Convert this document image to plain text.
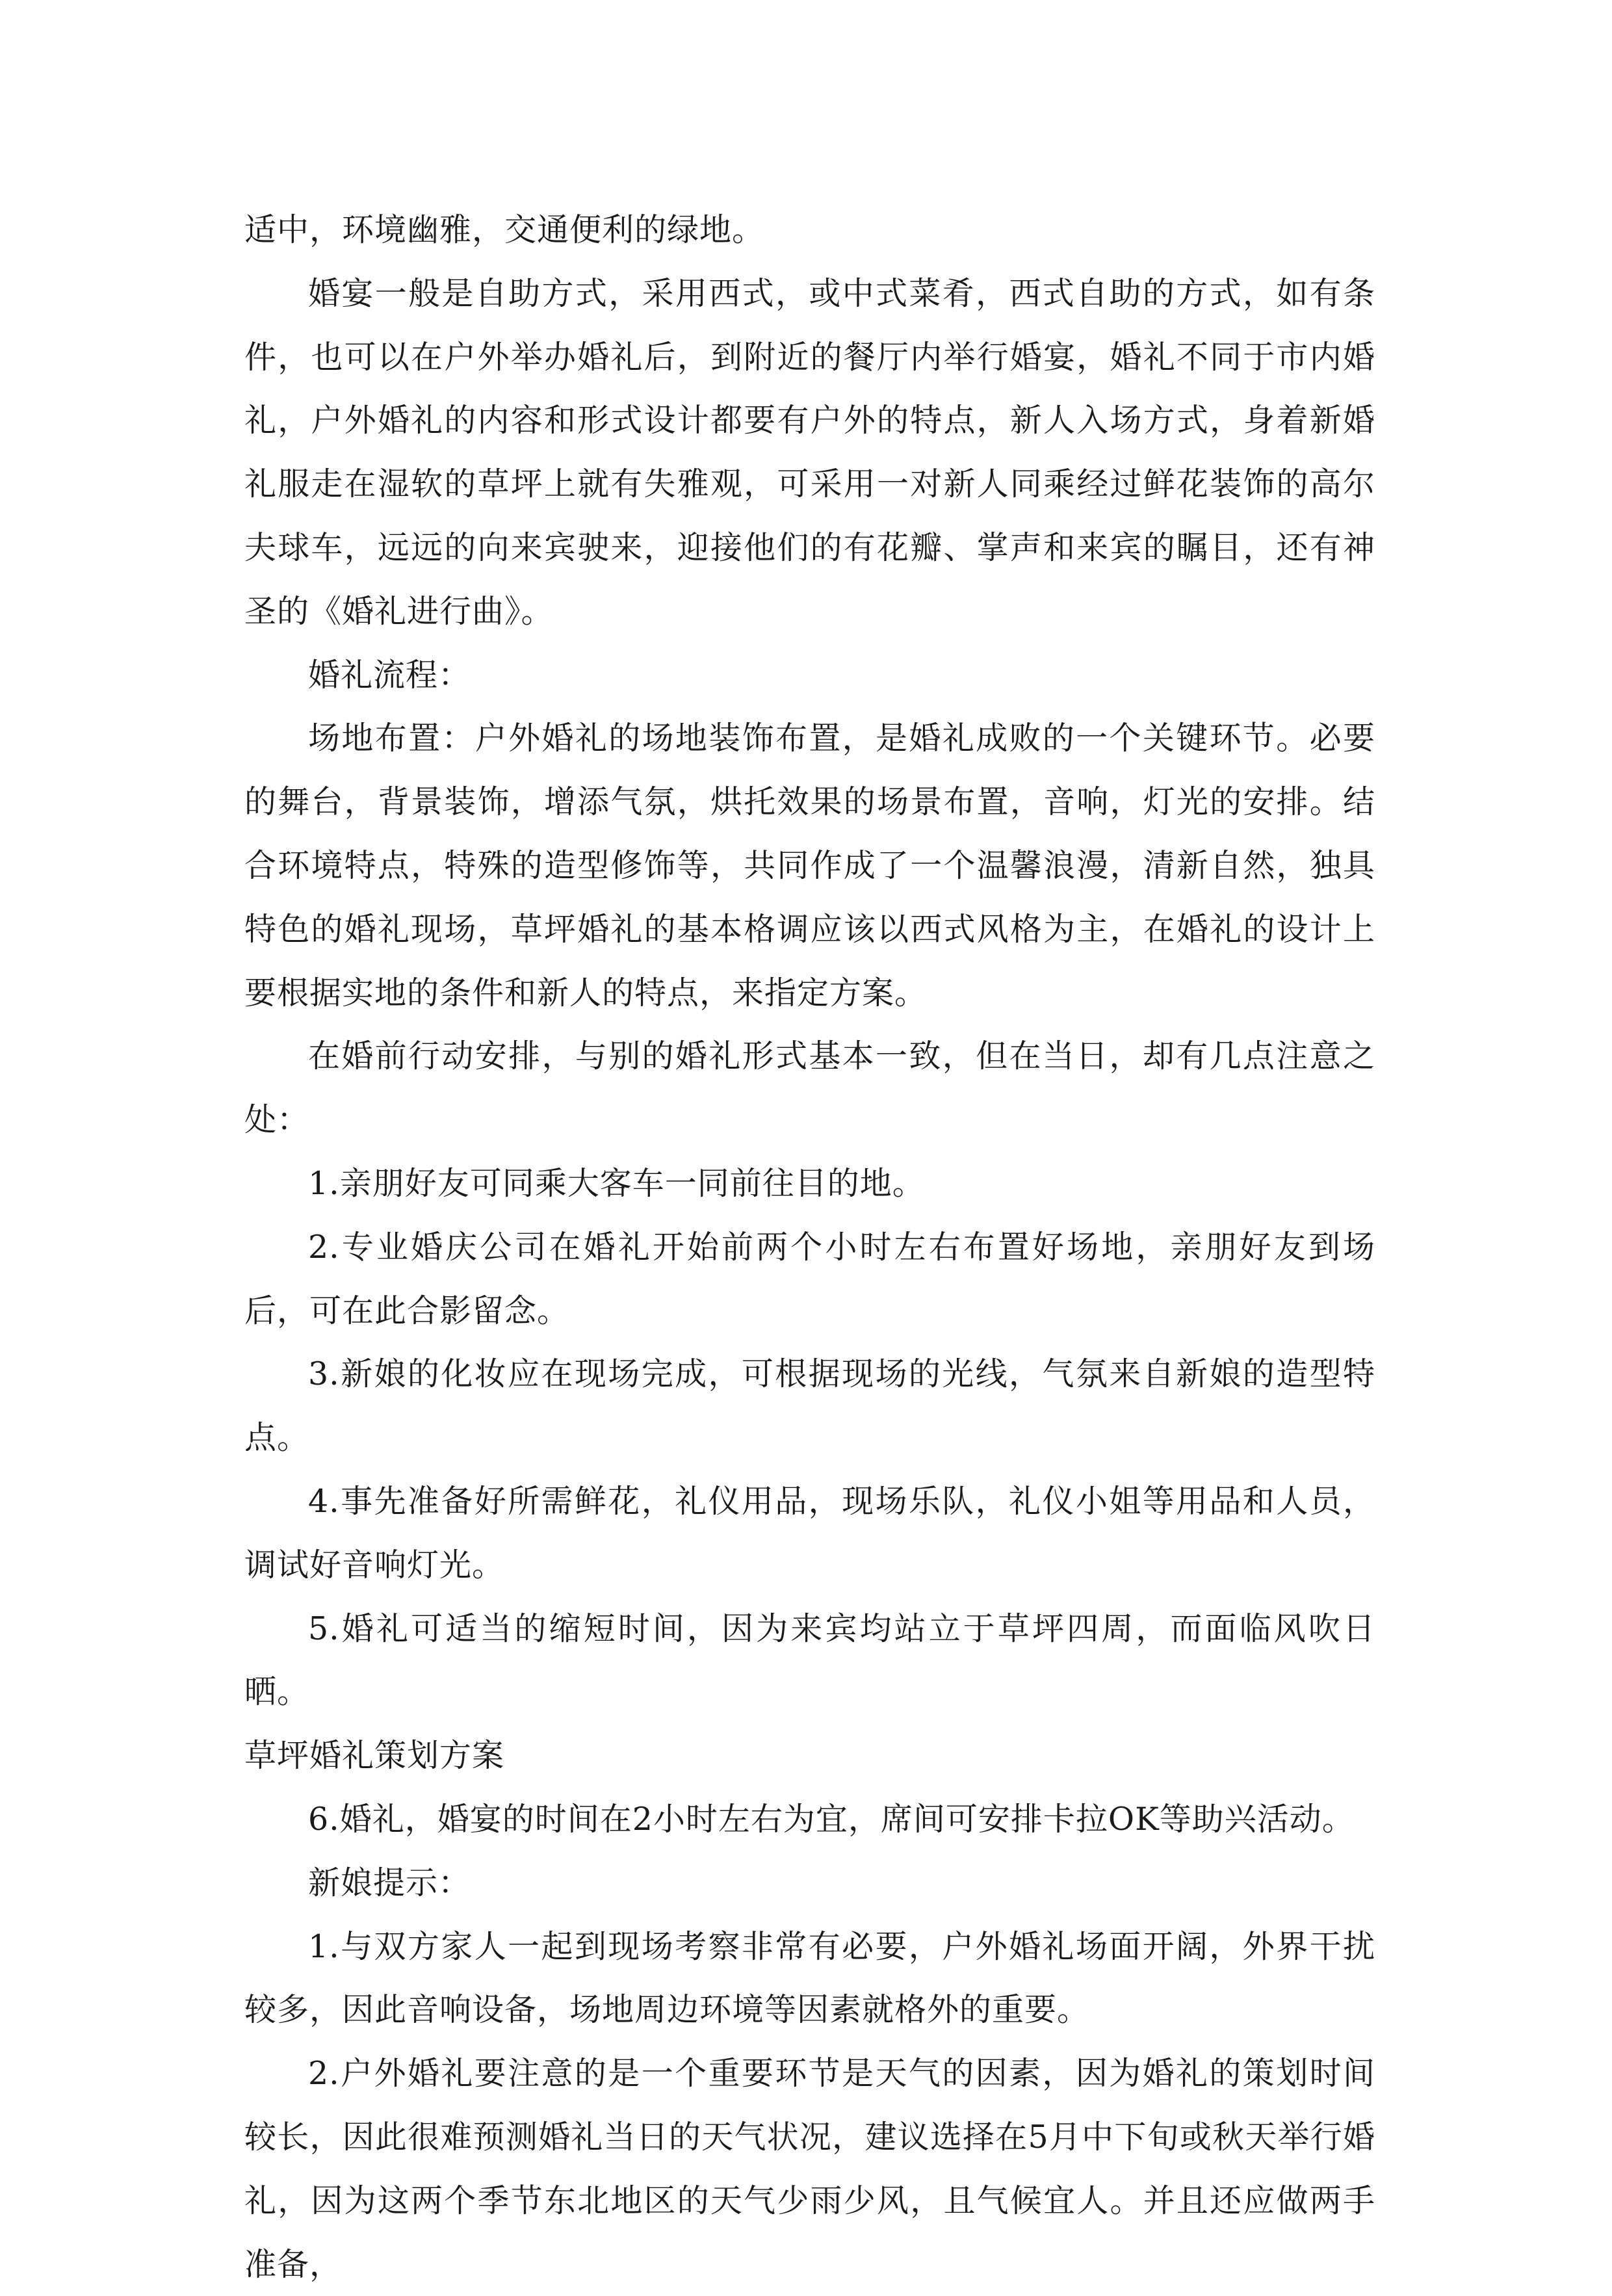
适中，环境幽雅，交通便利的绿地。

婚宴一般是自助方式，采用西式，或中式菜肴，西式自助的方式，如有条件，也可以在户外举办婚礼后，到附近的餐厅内举行婚宴，婚礼不同于市内婚礼，户外婚礼的内容和形式设计都要有户外的特点，新人入场方式，身着新婚礼服走在湿软的草坪上就有失雅观，可采用一对新人同乘经过鲜花装饰的高尔夫球车，远远的向来宾驶来，迎接他们的有花瓣、掌声和来宾的瞩目，还有神圣的《婚礼进行曲》。

婚礼流程：

场地布置：户外婚礼的场地装饰布置，是婚礼成败的一个关键环节。必要的舞台，背景装饰，增添气氛，烘托效果的场景布置，音响，灯光的安排。结合环境特点，特殊的造型修饰等，共同作成了一个温馨浪漫，清新自然，独具特色的婚礼现场，草坪婚礼的基本格调应该以西式风格为主，在婚礼的设计上要根据实地的条件和新人的特点，来指定方案。

在婚前行动安排，与别的婚礼形式基本一致，但在当日，却有几点注意之处：

1.亲朋好友可同乘大客车一同前往目的地。

2.专业婚庆公司在婚礼开始前两个小时左右布置好场地，亲朋好友到场后，可在此合影留念。

3.新娘的化妆应在现场完成，可根据现场的光线，气氛来自新娘的造型特点。

4.事先准备好所需鲜花，礼仪用品，现场乐队，礼仪小姐等用品和人员，调试好音响灯光。

5.婚礼可适当的缩短时间，因为来宾均站立于草坪四周，而面临风吹日晒。

草坪婚礼策划方案

6.婚礼，婚宴的时间在2小时左右为宜，席间可安排卡拉OK等助兴活动。

新娘提示：

1.与双方家人一起到现场考察非常有必要，户外婚礼场面开阔，外界干扰较多，因此音响设备，场地周边环境等因素就格外的重要。

2.户外婚礼要注意的是一个重要环节是天气的因素，因为婚礼的策划时间较长，因此很难预测婚礼当日的天气状况，建议选择在5月中下旬或秋天举行婚礼，因为这两个季节东北地区的天气少雨少风，且气候宜人。并且还应做两手准备，
